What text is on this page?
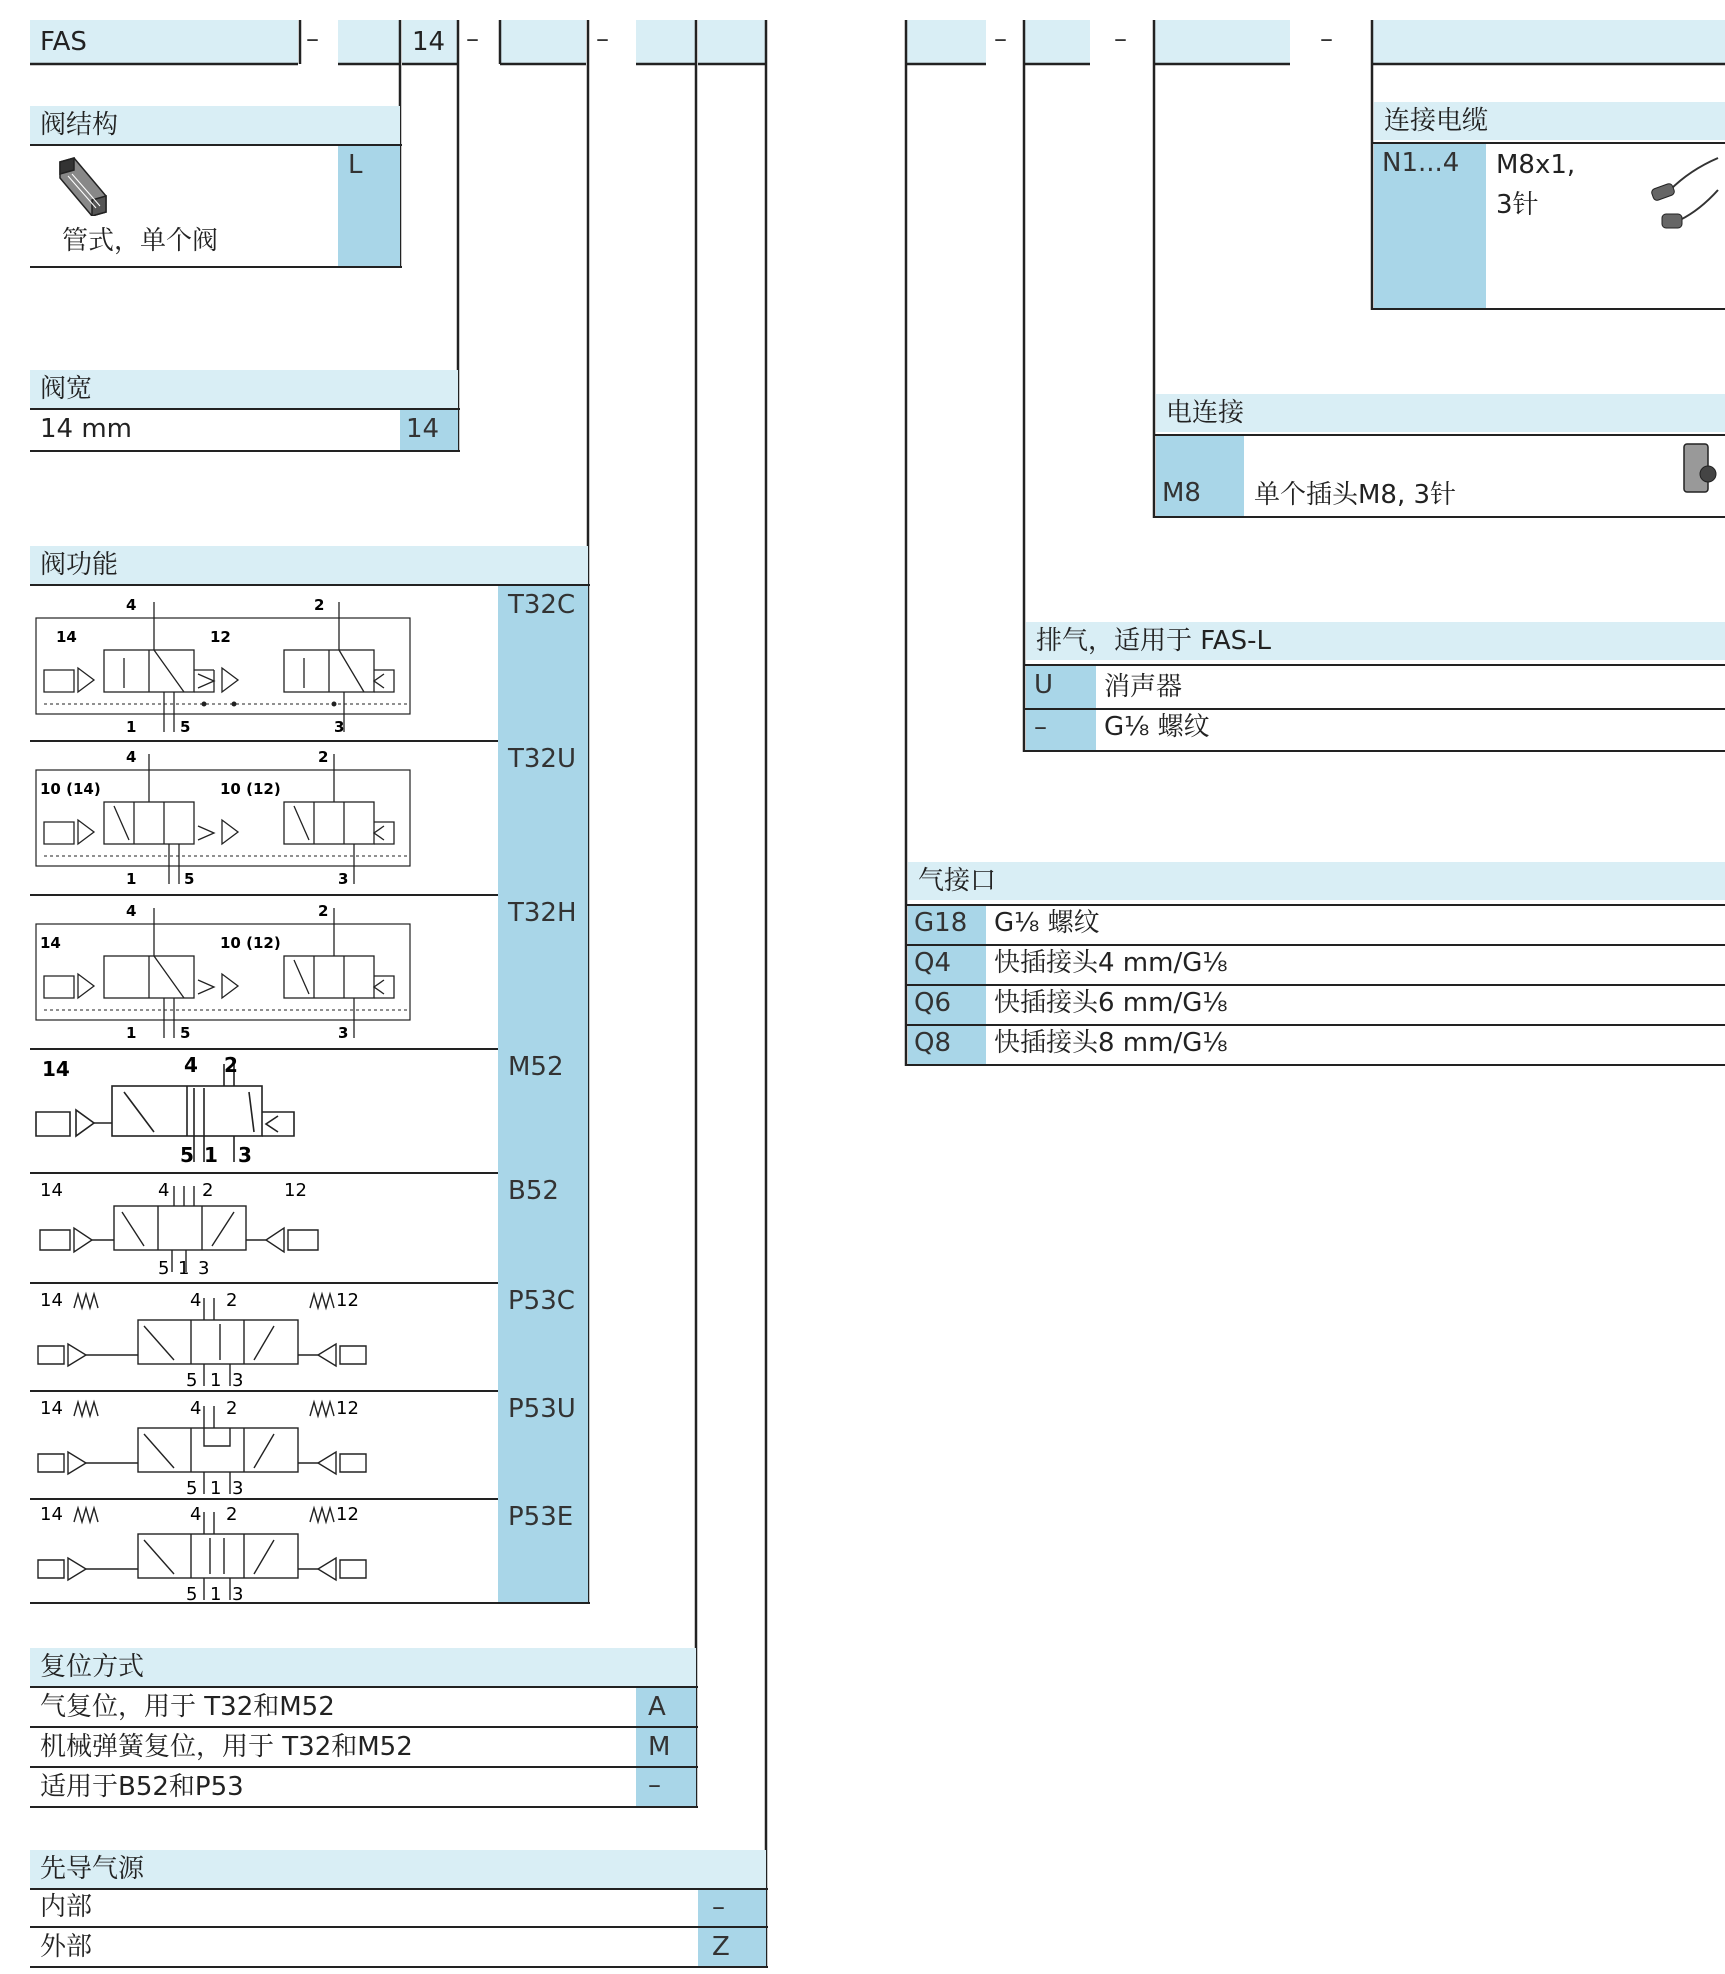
FAS	–	14 –	–	–	–	–
阀结构
L
管式，单个阀
阀宽
14 mm	14
阀功能
T32C
14	12
4	2
1	5	3
T32U
10 (14)	10 (12)
4	2
1	5	3
T32H
14	10 (12)
4	2
1	5	3
M52
14	4 2
5 1 3
B52
14	4 2	12
5 1 3
P53C
14	4 2	12
5 1 3
P53U
14	4 2	12
5 1 3
P53E
14	4 2	12
5 1 3
复位方式
气复位，用于 T32和M52	A
机械弹簧复位，用于 T32和M52	M
适用于B52和P53	–
先导气源
内部	–
外部	Z
连接电缆
N1...4 M8x1,
3针
电连接
M8 单个插头M8, 3针
排气，适用于 FAS-L
U 消声器
– G⅛ 螺纹
气接口
G18 G⅛ 螺纹
Q4 快插接头4 mm/G⅛
Q6 快插接头6 mm/G⅛
Q8 快插接头8 mm/G⅛
